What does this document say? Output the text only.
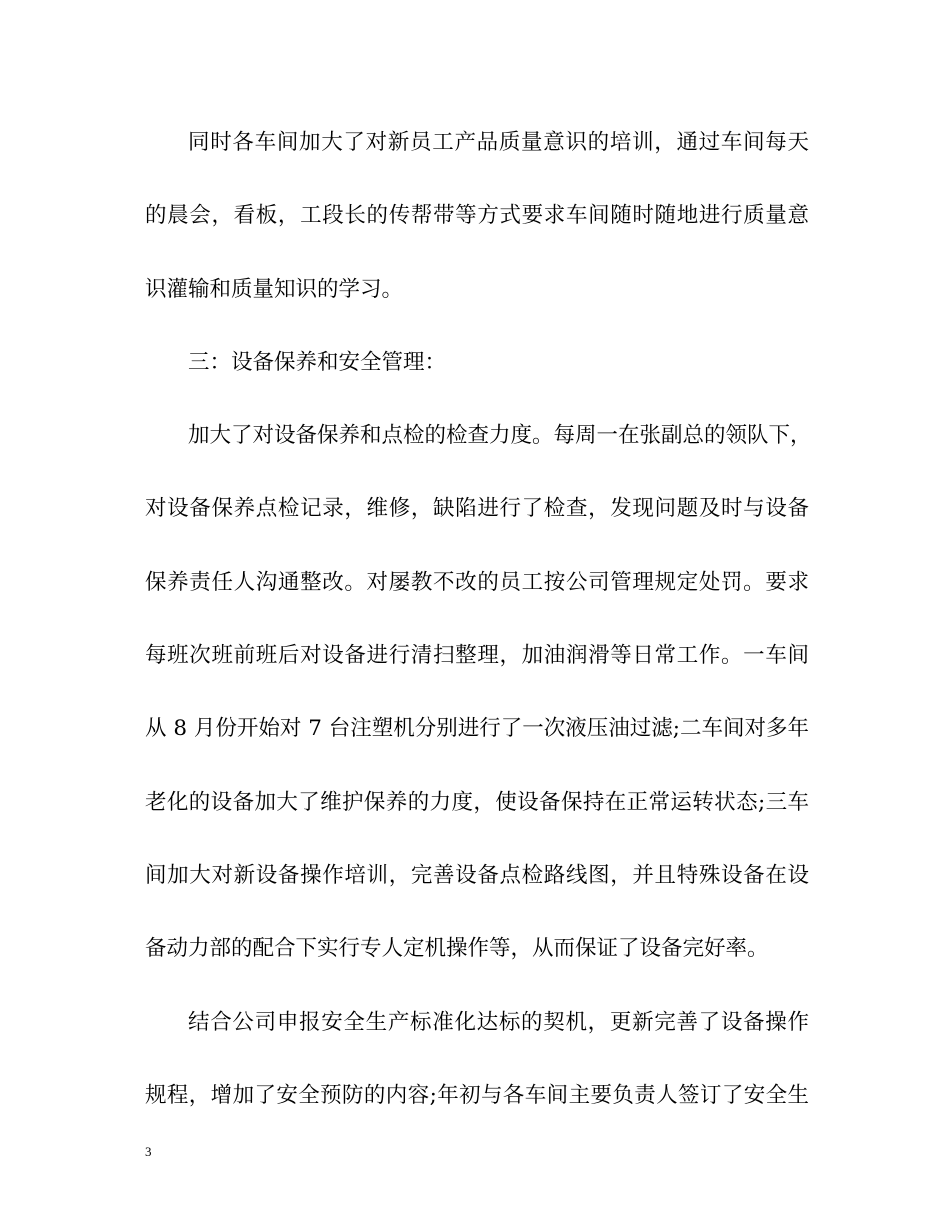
同时各车间加大了对新员工产品质量意识的培训，通过车间每天
的晨会，看板，工段长的传帮带等方式要求车间随时随地进行质量意
识灌输和质量知识的学习。
三：设备保养和安全管理：
加大了对设备保养和点检的检查力度。每周一在张副总的领队下，
对设备保养点检记录，维修，缺陷进行了检查，发现问题及时与设备
保养责任人沟通整改。对屡教不改的员工按公司管理规定处罚。要求
每班次班前班后对设备进行清扫整理，加油润滑等日常工作。一车间
从 8 月份开始对 7 台注塑机分别进行了一次液压油过滤;二车间对多年
老化的设备加大了维护保养的力度，使设备保持在正常运转状态;三车
间加大对新设备操作培训，完善设备点检路线图，并且特殊设备在设
备动力部的配合下实行专人定机操作等，从而保证了设备完好率。
结合公司申报安全生产标准化达标的契机，更新完善了设备操作
规程，增加了安全预防的内容;年初与各车间主要负责人签订了安全生
3
